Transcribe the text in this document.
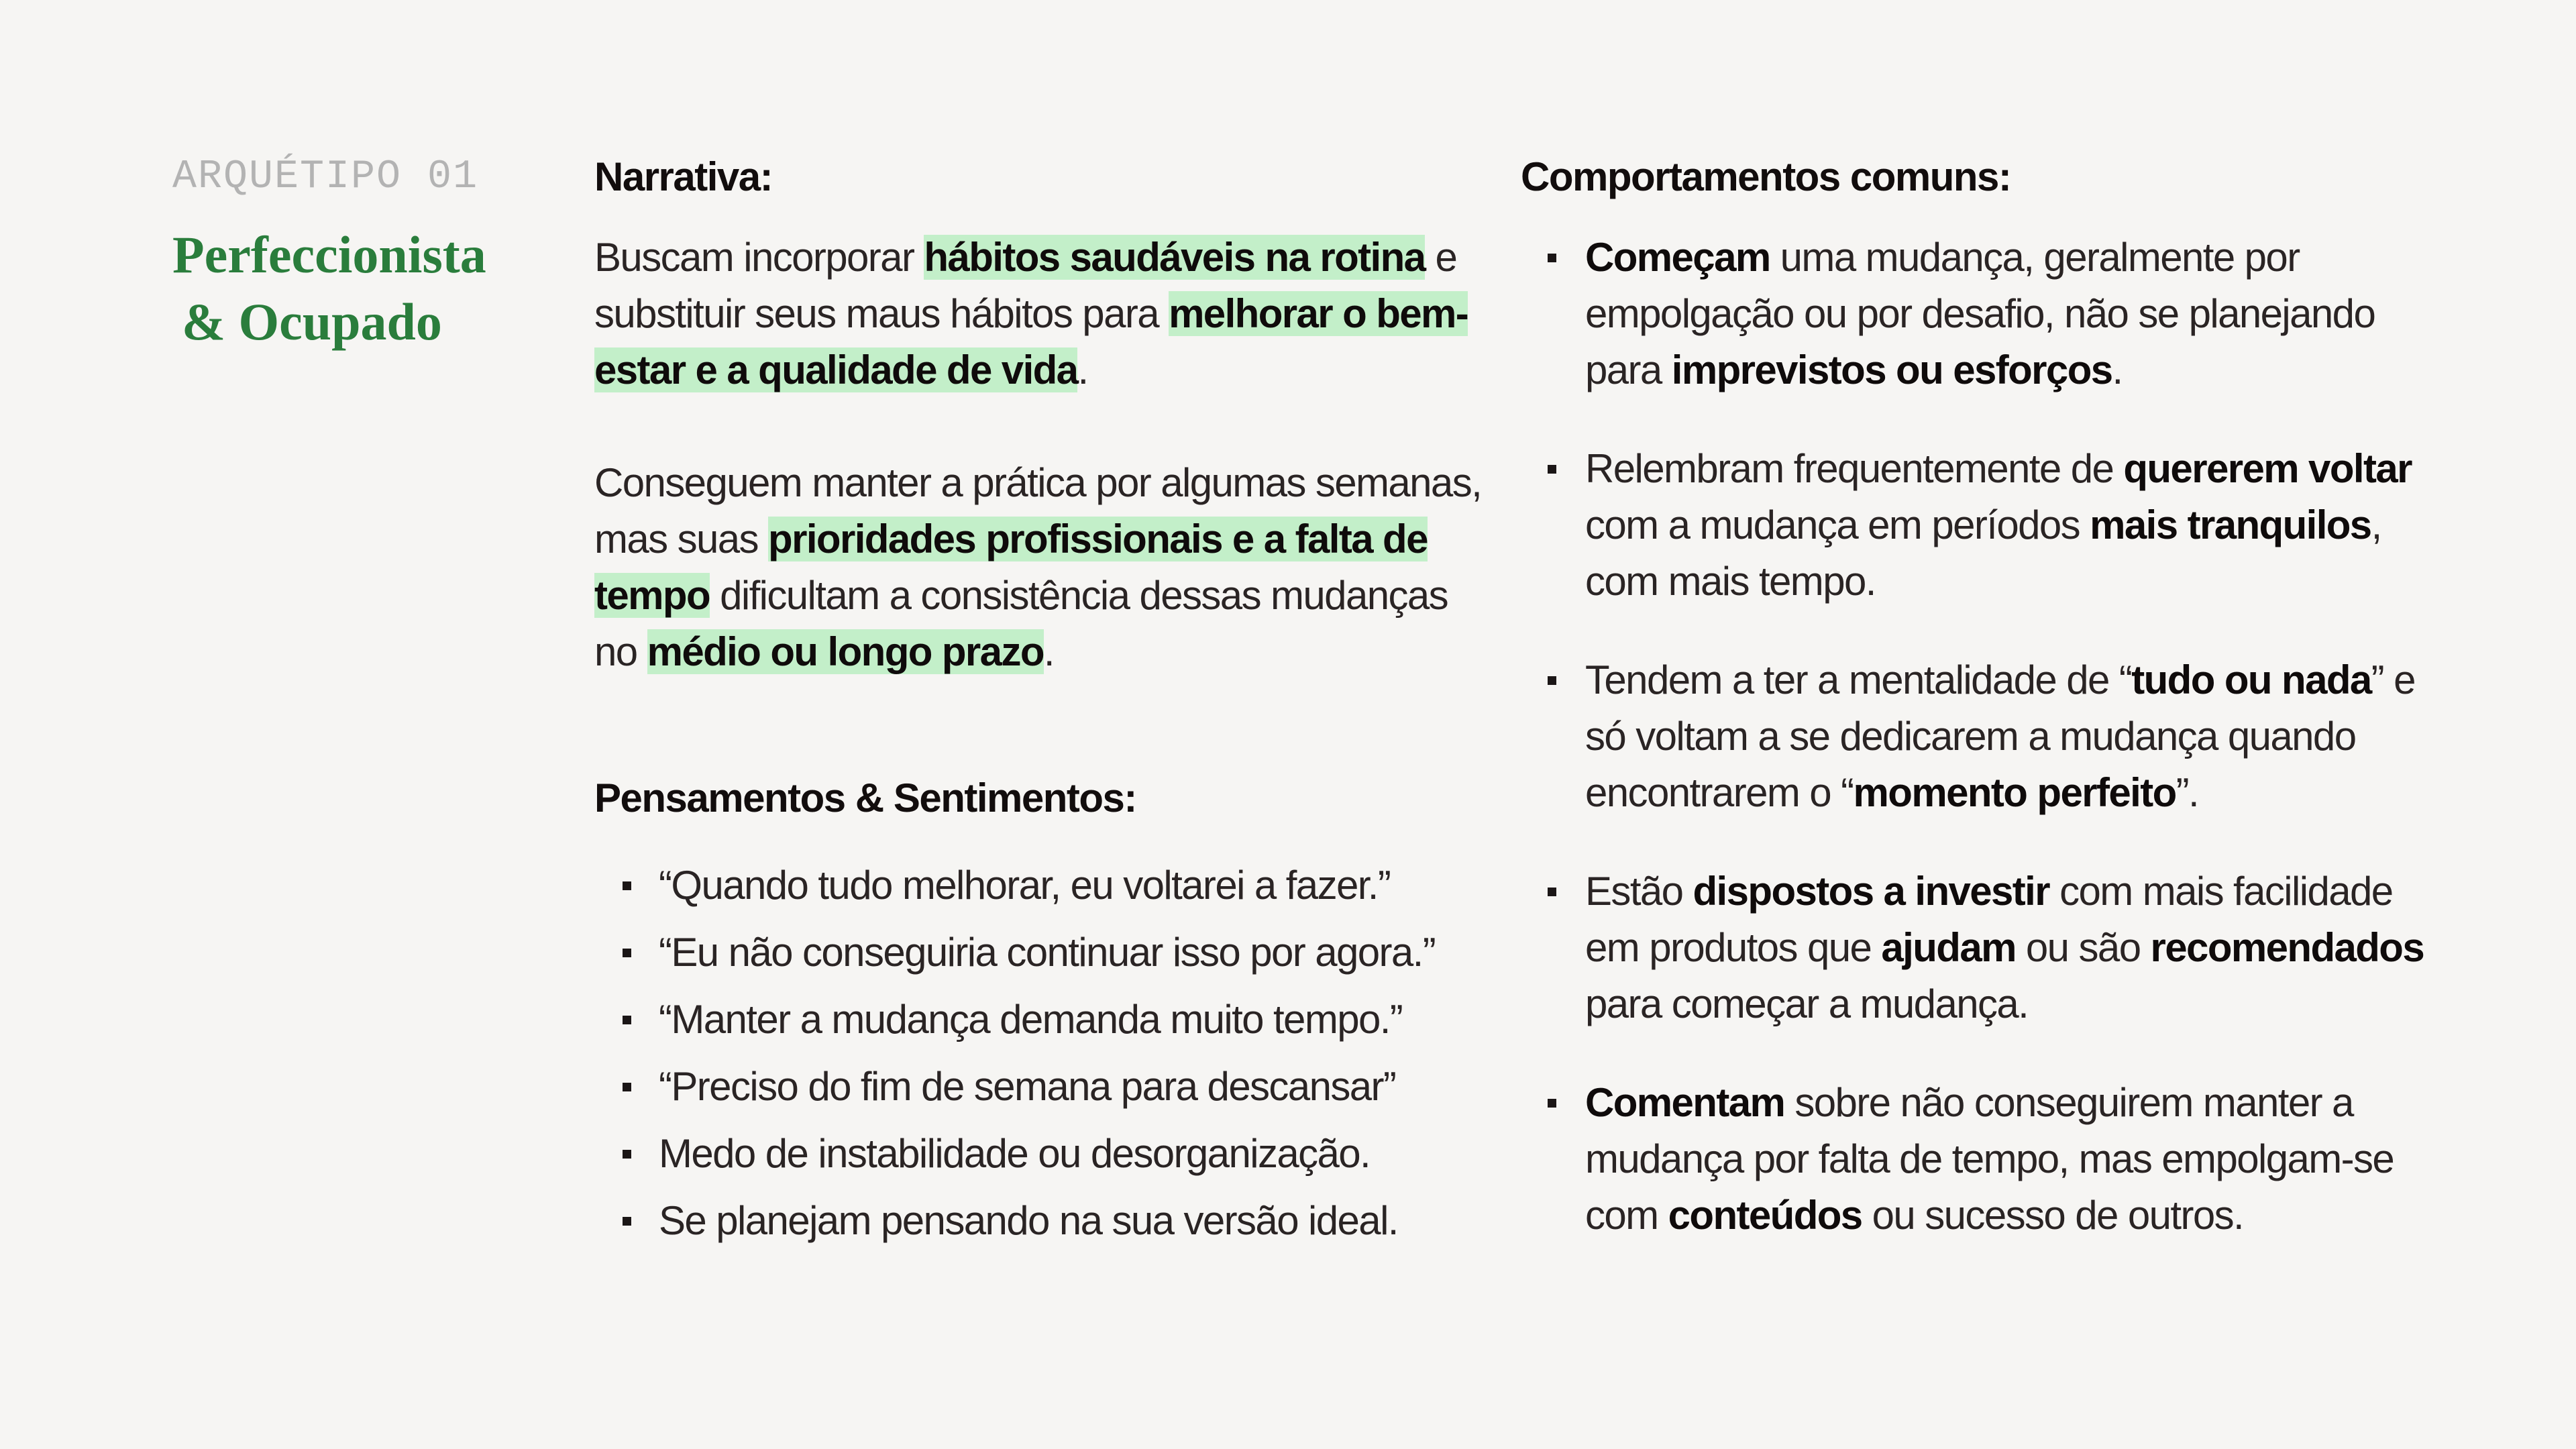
ARQUÉTIPO 01

Perfeccionista
& Ocupado
Narrativa:

Buscam incorporar hábitos saudáveis na rotina e substituir seus maus hábitos para melhorar o bem-estar e a qualidade de vida.

Conseguem manter a prática por algumas semanas, mas suas prioridades profissionais e a falta de tempo dificultam a consistência dessas mudanças no médio ou longo prazo.

Pensamentos & Sentimentos:
“Quando tudo melhorar, eu voltarei a fazer.”
“Eu não conseguiria continuar isso por agora.”
“Manter a mudança demanda muito tempo.”
“Preciso do fim de semana para descansar”
Medo de instabilidade ou desorganização.
Se planejam pensando na sua versão ideal.
Comportamentos comuns:
Começam uma mudança, geralmente por empolgação ou por desafio, não se planejando para imprevistos ou esforços.
Relembram frequentemente de quererem voltar com a mudança em períodos mais tranquilos, com mais tempo.
Tendem a ter a mentalidade de “tudo ou nada” e só voltam a se dedicarem a mudança quando encontrarem o “momento perfeito”.
Estão dispostos a investir com mais facilidade em produtos que ajudam ou são recomendados para começar a mudança.
Comentam sobre não conseguirem manter a mudança por falta de tempo, mas empolgam-se com conteúdos ou sucesso de outros.
